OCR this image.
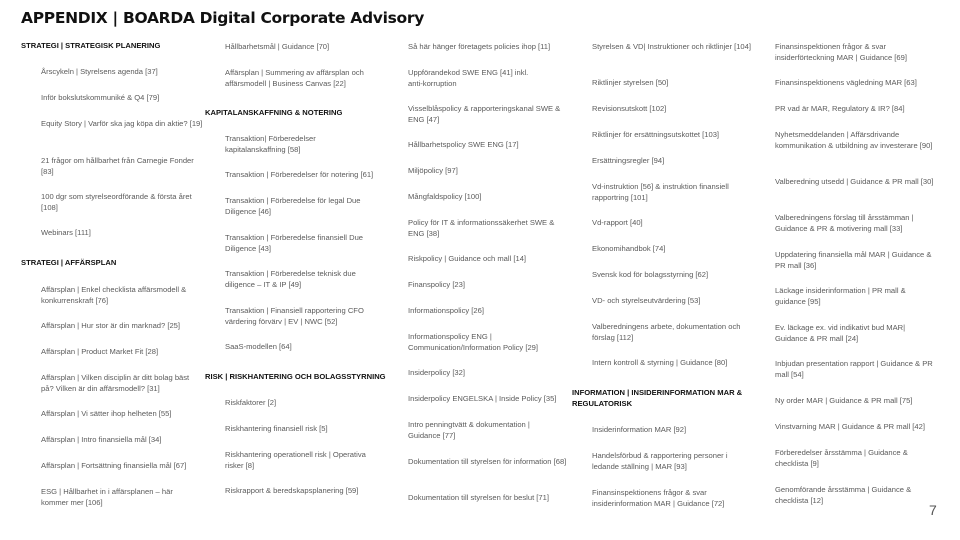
APPENDIX | BOARDA Digital Corporate Advisory

STRATEGI | STRATEGISK PLANERING

Årscykeln | Styrelsens agenda [37]

Inför bokslutskommuniké & Q4 [79]

Equity Story | Varför ska jag köpa din aktie? [19]

21 frågor om hållbarhet från Carnegie Fonder [83]

100 dgr som styrelseordförande & första året [108]

Webinars [111]

STRATEGI | AFFÄRSPLAN

Affärsplan | Enkel checklista affärsmodell & konkurrenskraft [76]

Affärsplan | Hur stor är din marknad? [25]

Affärsplan | Product Market Fit [28]

Affärsplan | Vilken disciplin är ditt bolag bäst på? Vilken är din affärsmodell? [31]

Affärsplan | Vi sätter ihop helheten [55]

Affärsplan | Intro finansiella mål [34]

Affärsplan | Fortsättning finansiella mål [67]

ESG | Hållbarhet in i affärsplanen – här kommer mer [106]

Hållbarhetsmål | Guidance [70]

Affärsplan | Summering av affärsplan och affärsmodell | Business Canvas [22]

KAPITALANSKAFFNING & NOTERING

Transaktion| Förberedelser kapitalanskaffning [58]

Transaktion | Förberedelser för notering [61]

Transaktion | Förberedelse för legal Due Diligence [46]

Transaktion | Förberedelse finansiell Due Diligence [43]

Transaktion | Förberedelse teknisk due diligence – IT & IP [49]

Transaktion | Finansiell rapportering CFO värdering förvärv | EV | NWC [52]

SaaS-modellen [64]

RISK | RISKHANTERING OCH BOLAGSSTYRNING

Riskfaktorer [2]

Riskhantering finansiell risk [5]

Riskhantering operationell risk | Operativa risker [8]

Riskrapport & beredskapsplanering [59]

Så här hänger företagets policies ihop [11]

Uppförandekod SWE ENG [41] inkl. anti-korruption

Visselblåspolicy & rapporteringskanal SWE & ENG [47]

Hållbarhetspolicy SWE ENG [17]

Miljöpolicy [97]

Mångfaldspolicy [100]

Policy för IT & informationssäkerhet SWE & ENG [38]

Riskpolicy | Guidance och mall [14]

Finanspolicy [23]

Informationspolicy [26]

Informationspolicy ENG | Communication/Information Policy [29]

Insiderpolicy [32]

Insiderpolicy ENGELSKA | Inside Policy [35]

Intro penningtvätt & dokumentation | Guidance [77]

Dokumentation till styrelsen för information [68]

Dokumentation till styrelsen för beslut [71]

Styrelsen & VD| Instruktioner och riktlinjer [104]

Riktlinjer styrelsen [50]

Revisionsutskott [102]

Riktlinjer för ersättningsutskottet [103]

Ersättningsregler [94]

Vd-instruktion [56] & instruktion finansiell rapportring [101]

Vd-rapport [40]

Ekonomihandbok [74]

Svensk kod för bolagsstyrning [62]

VD- och styrelseutvärdering [53]

Valberedningens arbete, dokumentation och förslag [112]

Intern kontroll & styrning | Guidance [80]

INFORMATION | INSIDERINFORMATION MAR & REGULATORISK

Insiderinformation MAR [92]

Handelsförbud & rapportering personer i ledande ställning | MAR [93]

Finansinspektionens frågor & svar insiderinformation MAR | Guidance [72]

Finansinspektionen frågor & svar insiderförteckning MAR | Guidance [69]

Finansinspektionens vägledning MAR [63]

PR vad är MAR, Regulatory & IR? [84]

Nyhetsmeddelanden | Affärsdrivande kommunikation & utbildning av investerare [90]

Valberedning utsedd | Guidance & PR mall [30]

Valberedningens förslag till årsstämman | Guidance & PR & motivering mall [33]

Uppdatering finansiella mål MAR | Guidance & PR mall [36]

Läckage insiderinformation | PR mall & guidance [95]

Ev. läckage ex. vid indikativt bud MAR| Guidance & PR mall [24]

Inbjudan presentation rapport | Guidance & PR mall [54]

Ny order MAR | Guidance & PR mall [75]

Vinstvarning MAR | Guidance & PR mall [42]

Förberedelser årsstämma | Guidance & checklista [9]

Genomförande årsstämma | Guidance & checklista [12]

7
